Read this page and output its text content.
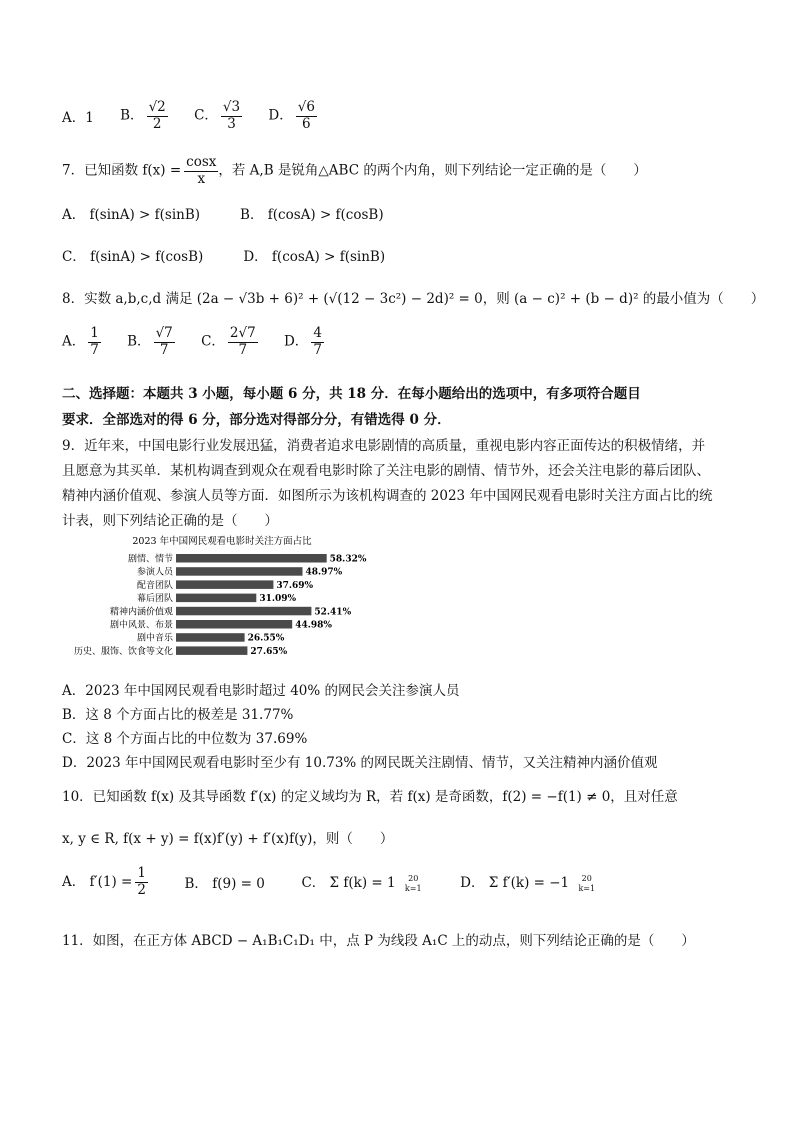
A．1 B． $\frac{√2}{2}$ C． $\frac{√3}{3}$ D． $\frac{√6}{6}$
7．已知函数 $f(x) = \frac{\cos x}{x}$ ，若 A,B 是锐角△ABC 的两个内角，则下列结论一定正确的是（　　）
A． f(sinA) > f(sinB)	B． f(cosA) > f(cosB)
C． f(sinA) > f(cosB)	D． f(cosA) > f(sinB)
8．实数 a,b,c,d 满足 (2a − √3b + 6)² + (√(12 − 3c²) − 2d)² = 0，则 (a − c)² + (b − d)² 的最小值为（　　）
A． $\frac{1}{7}$ B． $\frac{√7}{7}$ C． $\frac{2√7}{7}$ D． $\frac{4}{7}$
二、选择题：本题共 3 小题，每小题 6 分，共 18 分．在每小题给出的选项中，有多项符合题目
要求．全部选对的得 6 分，部分选对得部分分，有错选得 0 分．
9．近年来，中国电影行业发展迅猛，消费者追求电影剧情的高质量，重视电影内容正面传达的积极情绪，并
且愿意为其买单．某机构调查到观众在观看电影时除了关注电影的剧情、情节外，还会关注电影的幕后团队、
精神内涵价值观、参演人员等方面．如图所示为该机构调查的 2023 年中国网民观看电影时关注方面占比的统
计表，则下列结论正确的是（　　）
2023 年中国网民观看电影时关注方面占比
剧情、情节	58.32%
参演人员	48.97%
配音团队	37.69%
幕后团队	31.09%
精神内涵价值观	52.41%
剧中风景、布景	44.98%
剧中音乐	26.55%
历史、服饰、饮食等文化	27.65%
A．2023 年中国网民观看电影时超过 40% 的网民会关注参演人员
B．这 8 个方面占比的极差是 31.77%
C．这 8 个方面占比的中位数为 37.69%
D．2023 年中国网民观看电影时至少有 10.73% 的网民既关注剧情、情节，又关注精神内涵价值观
10．已知函数 f(x) 及其导函数 f′(x) 的定义域均为 R，若 f(x) 是奇函数，f(2) = −f(1) ≠ 0，且对任意
x, y ∈ R, f(x + y) = f(x)f′(y) + f′(x)f(y)，则（　　）
A． $f'(1) = \frac{1}{2}$	B． f(9) = 0	C． Σ f(k) = 1 20
k=1	D． Σ f′(k) = −1 20
k=1
11．如图，在正方体 ABCD − A₁B₁C₁D₁ 中，点 P 为线段 A₁C 上的动点，则下列结论正确的是（　　）
